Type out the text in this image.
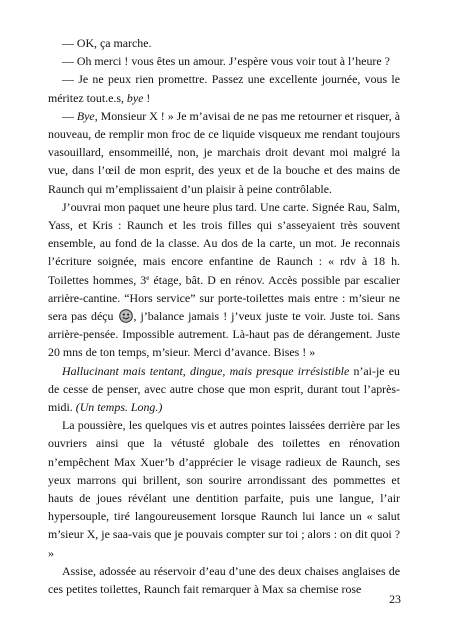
— OK, ça marche.

— Oh merci ! vous êtes un amour. J’espère vous voir tout à l’heure ?

— Je ne peux rien promettre. Passez une excellente journée, vous le méritez tout.e.s, bye !

— Bye, Monsieur X ! » Je m’avisai de ne pas me retourner et risquer, à nouveau, de remplir mon froc de ce liquide visqueux me rendant toujours vasouillard, ensommeillé, non, je marchais droit devant moi malgré la vue, dans l’œil de mon esprit, des yeux et de la bouche et des mains de Raunch qui m’emplissaient d’un plaisir à peine contrôlable.

J’ouvrai mon paquet une heure plus tard. Une carte. Signée Rau, Salm, Yass, et Kris : Raunch et les trois filles qui s’asseyaient très souvent ensemble, au fond de la classe. Au dos de la carte, un mot. Je reconnais l’écriture soignée, mais encore enfantine de Raunch : « rdv à 18 h. Toilettes hommes, 3e étage, bât. D en rénov. Accès possible par escalier arrière-cantine. “Hors service” sur porte-toilettes mais entre : m’sieur ne sera pas déçu , j’balance jamais ! j’veux juste te voir. Juste toi. Sans arrière-pensée. Impossible autrement. Là-haut pas de dérangement. Juste 20 mns de ton temps, m’sieur. Merci d’avance. Bises ! »

Hallucinant mais tentant, dingue, mais presque irrésistible n’ai-je eu de cesse de penser, avec autre chose que mon esprit, durant tout l’après-midi. (Un temps. Long.)

La poussière, les quelques vis et autres pointes laissées derrière par les ouvriers ainsi que la vétusté globale des toilettes en rénovation n’empêchent Max Xuer’b d’apprécier le visage radieux de Raunch, ses yeux marrons qui brillent, son sourire arrondissant des pommettes et hauts de joues révélant une dentition parfaite, puis une langue, l’air hypersouple, tiré langoureusement lorsque Raunch lui lance un « salut m’sieur X, je saa-vais que je pouvais compter sur toi ; alors : on dit quoi ? »

Assise, adossée au réservoir d’eau d’une des deux chaises anglaises de ces petites toilettes, Raunch fait remarquer à Max sa chemise rose

23
